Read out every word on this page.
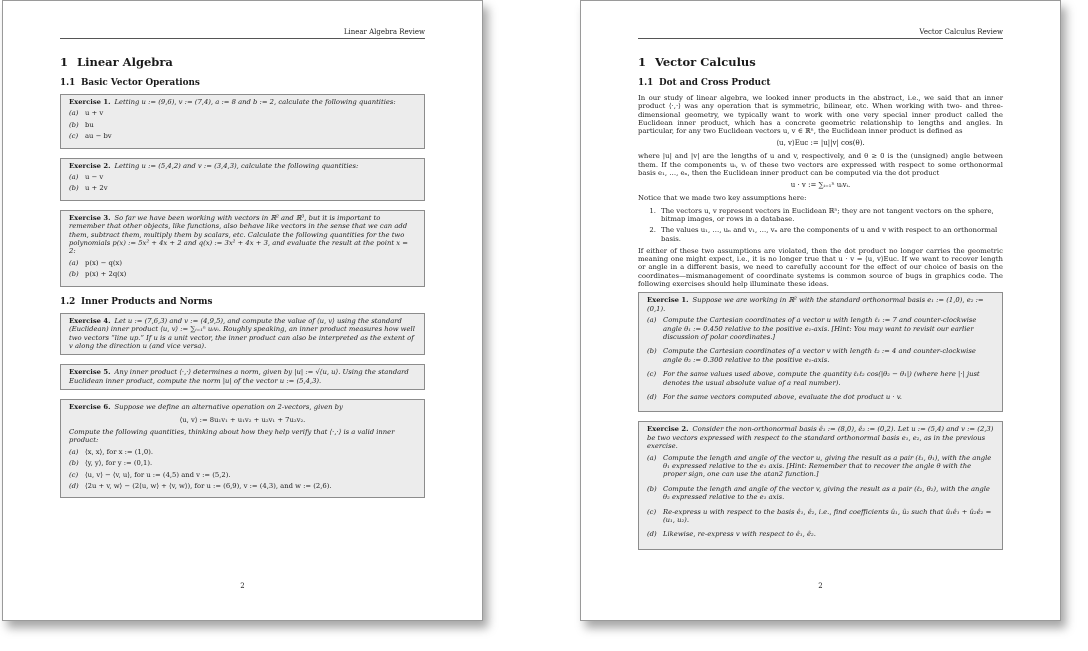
Linear Algebra Review
1 Linear Algebra
1.1 Basic Vector Operations
Exercise 1. Letting u := (9,6), v := (7,4), a := 8 and b := 2, calculate the following quantities:
(a) u + v
(b) bu
(c)	au − bv
Exercise 2. Letting u := (5,4,2) and v := (3,4,3), calculate the following quantities:
(a) u − v
(b) u + 2v
Exercise 3. So far we have been working with vectors in ℝ² and ℝ³, but it is important to remember that other objects, like functions, also behave like vectors in the sense that we can add them, subtract them, multiply them by scalars, etc. Calculate the following quantities for the two polynomials p(x) := 5x² + 4x + 2 and q(x) := 3x² + 4x + 3, and evaluate the result at the point x = 2:
(a) p(x) − q(x)
(b) p(x) + 2q(x)
1.2 Inner Products and Norms
Exercise 4. Let u := (7,6,3) and v := (4,9,5), and compute the value of ⟨u, v⟩ using the standard (Euclidean) inner product ⟨u, v⟩ := ∑ᵢ₌₁ⁿ uᵢvᵢ. Roughly speaking, an inner product measures how well two vectors “line up.” If u is a unit vector, the inner product can also be interpreted as the extent of v along the direction u (and vice versa).
Exercise 5. Any inner product ⟨·,·⟩ determines a norm, given by |u| := √⟨u, u⟩. Using the standard Euclidean inner product, compute the norm |u| of the vector u := (5,4,3).
Exercise 6. Suppose we define an alternative operation on 2-vectors, given by
⟨u, v⟩ := 8u₁v₁ + u₁v₂ + u₂v₁ + 7u₂v₂.
Compute the following quantities, thinking about how they help verify that ⟨·,·⟩ is a valid inner product:
(a) ⟨x, x⟩, for x := (1,0).
(b) ⟨y, y⟩, for y := (0,1).
(c)	⟨u, v⟩ − ⟨v, u⟩, for u := (4,5) and v := (5,2).
(d) ⟨2u + v, w⟩ − (2⟨u, w⟩ + ⟨v, w⟩), for u := (6,9), v := (4,3), and w := (2,6).
2
Vector Calculus Review
1 Vector Calculus
1.1 Dot and Cross Product

In our study of linear algebra, we looked inner products in the abstract, i.e., we said that an inner product ⟨·,·⟩ was any operation that is symmetric, bilinear, etc. When working with two- and three-dimensional geometry, we typically want to work with one very special inner product called the Euclidean inner product, which has a concrete geometric relationship to lengths and angles. In particular, for any two Euclidean vectors u, v ∈ ℝⁿ, the Euclidean inner product is defined as

⟨u, v⟩Euc := |u||v| cos(θ).

where |u| and |v| are the lengths of u and v, respectively, and θ ≥ 0 is the (unsigned) angle between them. If the components uᵢ, vᵢ of these two vectors are expressed with respect to some orthonormal basis e₁, …, eₙ, then the Euclidean inner product can be computed via the dot product

u · v := ∑ᵢ₌₁ⁿ uᵢvᵢ.

Notice that we made two key assumptions here:

1. The vectors u, v represent vectors in Euclidean ℝⁿ; they are not tangent vectors on the sphere, bitmap images, or rows in a database.
2. The values u₁, …, uₙ and v₁, …, vₙ are the components of u and v with respect to an orthonormal basis.

If either of these two assumptions are violated, then the dot product no longer carries the geometric meaning one might expect, i.e., it is no longer true that u · v = ⟨u, v⟩Euc. If we want to recover length or angle in a different basis, we need to carefully account for the effect of our choice of basis on the coordinates—mismanagement of coordinate systems is common source of bugs in graphics code. The following exercises should help illuminate these ideas.

Exercise 1. Suppose we are working in ℝ² with the standard orthonormal basis e₁ := (1,0), e₂ := (0,1).
(a) Compute the Cartesian coordinates of a vector u with length ℓ₁ := 7 and counter-clockwise angle θ₁ := 0.450 relative to the positive e₁-axis. [Hint: You may want to revisit our earlier discussion of polar coordinates.]
(b) Compute the Cartesian coordinates of a vector v with length ℓ₂ := 4 and counter-clockwise angle θ₂ := 0.300 relative to the positive e₁-axis.
(c)	For the same values used above, compute the quantity ℓ₁ℓ₂ cos(|θ₂ − θ₁|) (where here |·| just denotes the usual absolute value of a real number).
(d) For the same vectors computed above, evaluate the dot product u · v.
Exercise 2. Consider the non-orthonormal basis ê₁ := (8,0), ê₂ := (0,2). Let u := (5,4) and v := (2,3) be two vectors expressed with respect to the standard orthonormal basis e₁, e₂, as in the previous exercise.
(a) Compute the length and angle of the vector u, giving the result as a pair (ℓ₁, θ₁), with the angle θ₁ expressed relative to the e₁ axis. [Hint: Remember that to recover the angle θ with the proper sign, one can use the atan2 function.]
(b) Compute the length and angle of the vector v, giving the result as a pair (ℓ₂, θ₂), with the angle θ₂ expressed relative to the e₁ axis.
(c)	Re-express u with respect to the basis ê₁, ê₂, i.e., find coefficients û₁, û₂ such that û₁ê₁ + û₂ê₂ = (u₁, u₂).
(d) Likewise, re-express v with respect to ê₁, ê₂.
2
